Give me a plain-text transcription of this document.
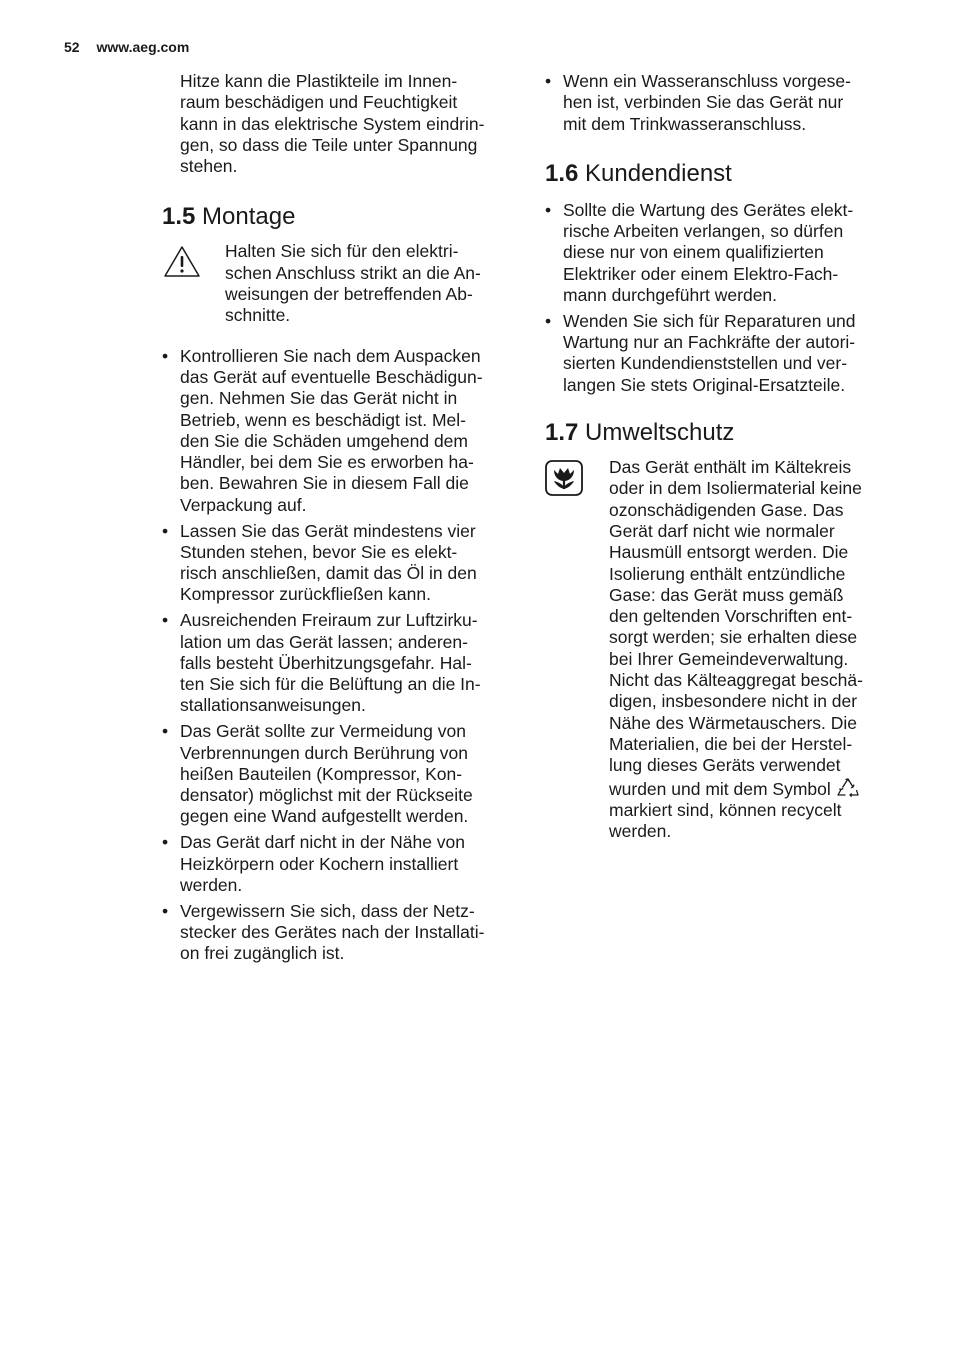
52 www.aeg.com

Hitze kann die Plastikteile im Innen-
raum beschädigen und Feuchtigkeit
kann in das elektrische System eindrin-
gen, so dass die Teile unter Spannung
stehen.

1.5 Montage
Halten Sie sich für den elektri-
schen Anschluss strikt an die An-
weisungen der betreffenden Ab-
schnitte.
• Kontrollieren Sie nach dem Auspacken
das Gerät auf eventuelle Beschädigun-
gen. Nehmen Sie das Gerät nicht in
Betrieb, wenn es beschädigt ist. Mel-
den Sie die Schäden umgehend dem
Händler, bei dem Sie es erworben ha-
ben. Bewahren Sie in diesem Fall die
Verpackung auf.
• Lassen Sie das Gerät mindestens vier
Stunden stehen, bevor Sie es elekt-
risch anschließen, damit das Öl in den
Kompressor zurückfließen kann.
• Ausreichenden Freiraum zur Luftzirku-
lation um das Gerät lassen; anderen-
falls besteht Überhitzungsgefahr. Hal-
ten Sie sich für die Belüftung an die In-
stallationsanweisungen.
• Das Gerät sollte zur Vermeidung von
Verbrennungen durch Berührung von
heißen Bauteilen (Kompressor, Kon-
densator) möglichst mit der Rückseite
gegen eine Wand aufgestellt werden.
• Das Gerät darf nicht in der Nähe von
Heizkörpern oder Kochern installiert
werden.
• Vergewissern Sie sich, dass der Netz-
stecker des Gerätes nach der Installati-
on frei zugänglich ist.
• Wenn ein Wasseranschluss vorgese-
hen ist, verbinden Sie das Gerät nur
mit dem Trinkwasseranschluss.
1.6 Kundendienst
• Sollte die Wartung des Gerätes elekt-
rische Arbeiten verlangen, so dürfen
diese nur von einem qualifizierten
Elektriker oder einem Elektro-Fach-
mann durchgeführt werden.
• Wenden Sie sich für Reparaturen und
Wartung nur an Fachkräfte der autori-
sierten Kundendienststellen und ver-
langen Sie stets Original-Ersatzteile.
1.7 Umweltschutz
Das Gerät enthält im Kältekreis
oder in dem Isoliermaterial keine
ozonschädigenden Gase. Das
Gerät darf nicht wie normaler
Hausmüll entsorgt werden. Die
Isolierung enthält entzündliche
Gase: das Gerät muss gemäß
den geltenden Vorschriften ent-
sorgt werden; sie erhalten diese
bei Ihrer Gemeindeverwaltung.
Nicht das Kälteaggregat beschä-
digen, insbesondere nicht in der
Nähe des Wärmetauschers. Die
Materialien, die bei der Herstel-
lung dieses Geräts verwendet
wurden und mit dem Symbol
markiert sind, können recycelt
werden.
